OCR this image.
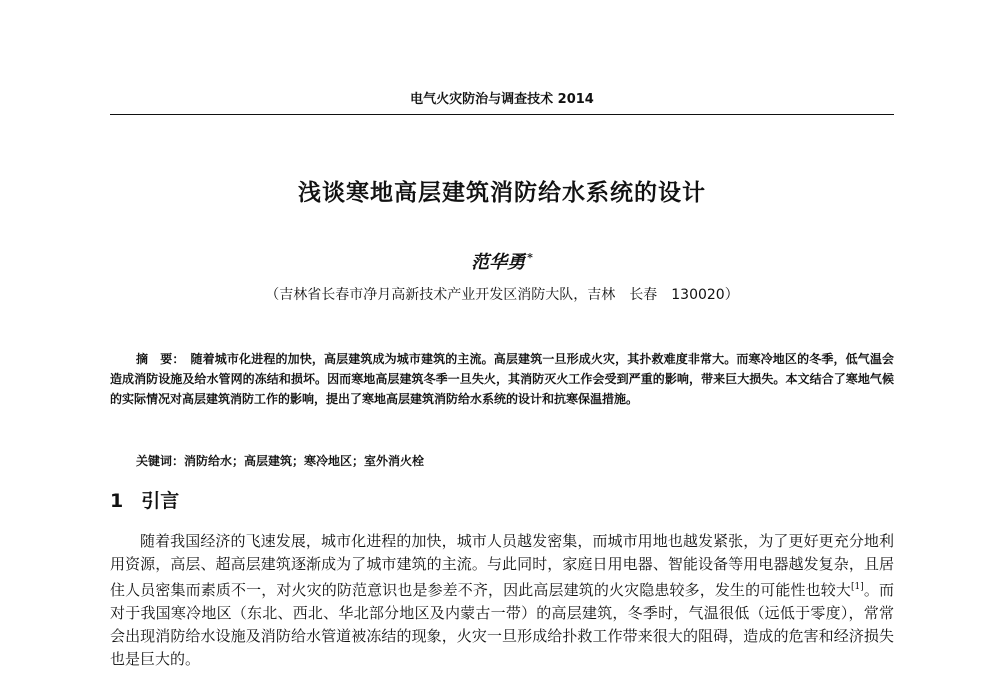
电气火灾防治与调查技术 2014
浅谈寒地高层建筑消防给水系统的设计
范华勇 *
（吉林省长春市净月高新技术产业开发区消防大队，吉林　长春　130020）
摘　要： 随着城市化进程的加快，高层建筑成为城市建筑的主流。高层建筑一旦形成火灾，其扑救难度非常大。而寒冷地区的冬季，低气温会造成消防设施及给水管网的冻结和损坏。因而寒地高层建筑冬季一旦失火，其消防灭火工作会受到严重的影响，带来巨大损失。本文结合了寒地气候的实际情况对高层建筑消防工作的影响，提出了寒地高层建筑消防给水系统的设计和抗寒保温措施。
关键词：消防给水；高层建筑；寒冷地区；室外消火栓
1 引言
随着我国经济的飞速发展，城市化进程的加快，城市人员越发密集，而城市用地也越发紧张，为了更好更充分地利用资源，高层、超高层建筑逐渐成为了城市建筑的主流。与此同时，家庭日用电器、智能设备等用电器越发复杂，且居住人员密集而素质不一，对火灾的防范意识也是参差不齐，因此高层建筑的火灾隐患较多，发生的可能性也较大[1]。而对于我国寒冷地区（东北、西北、华北部分地区及内蒙古一带）的高层建筑，冬季时，气温很低（远低于零度），常常会出现消防给水设施及消防给水管道被冻结的现象，火灾一旦形成给扑救工作带来很大的阻碍，造成的危害和经济损失也是巨大的。
